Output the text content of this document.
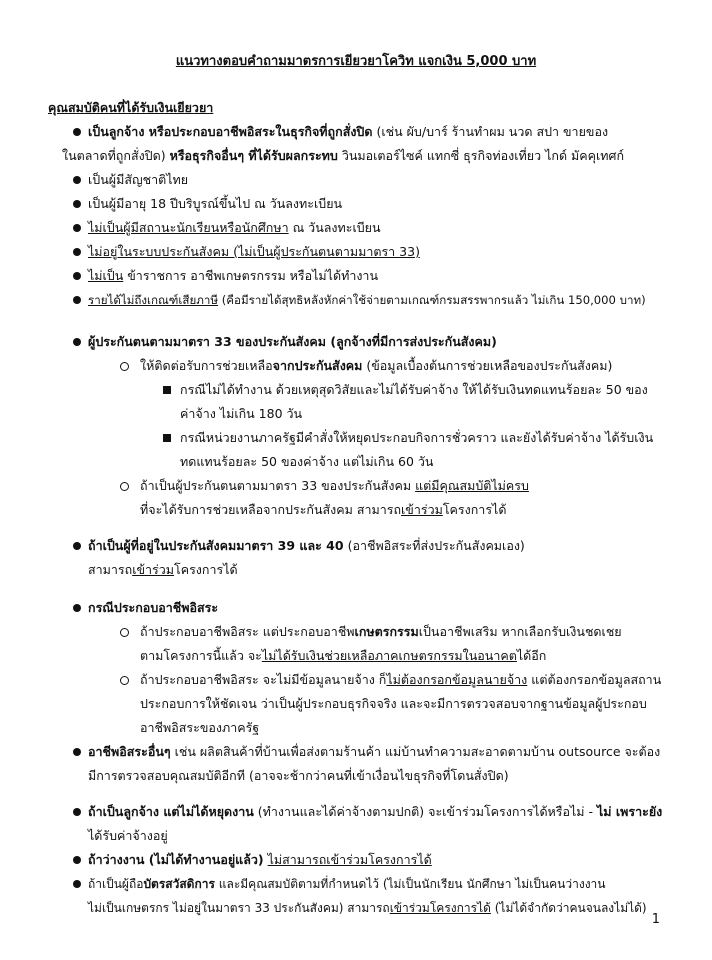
แนวทางตอบคำถามมาตรการเยียวยาโควิท แจกเงิน 5,000 บาท
คุณสมบัติคนที่ได้รับเงินเยียวยา
เป็นลูกจ้าง หรือประกอบอาชีพอิสระในธุรกิจที่ถูกสั่งปิด (เช่น ผับ/บาร์ ร้านทำผม นวด สปา ขายของ
ในตลาดที่ถูกสั่งปิด) หรือธุรกิจอื่นๆ ที่ได้รับผลกระทบ วินมอเตอร์ไซค์ แทกซี่ ธุรกิจท่องเที่ยว ไกด์ มัคคุเทศก์
เป็นผู้มีสัญชาติไทย
เป็นผู้มีอายุ 18 ปีบริบูรณ์ขึ้นไป ณ วันลงทะเบียน
ไม่เป็นผู้มีสถานะนักเรียนหรือนักศึกษา ณ วันลงทะเบียน
ไม่อยู่ในระบบประกันสังคม (ไม่เป็นผู้ประกันตนตามมาตรา 33)
ไม่เป็น ข้าราชการ อาชีพเกษตรกรรม หรือไม่ได้ทำงาน
รายได้ไม่ถึงเกณฑ์เสียภาษี (คือมีรายได้สุทธิหลังหักค่าใช้จ่ายตามเกณฑ์กรมสรรพากรแล้ว ไม่เกิน 150,000 บาท)
ผู้ประกันตนตามมาตรา 33 ของประกันสังคม (ลูกจ้างที่มีการส่งประกันสังคม)
ให้ติดต่อรับการช่วยเหลือจากประกันสังคม (ข้อมูลเบื้องต้นการช่วยเหลือของประกันสังคม)
กรณีไม่ได้ทำงาน ด้วยเหตุสุดวิสัยและไม่ได้รับค่าจ้าง ให้ได้รับเงินทดแทนร้อยละ 50 ของ
ค่าจ้าง ไม่เกิน 180 วัน
กรณีหน่วยงานภาครัฐมีคำสั่งให้หยุดประกอบกิจการชั่วคราว และยังได้รับค่าจ้าง ได้รับเงิน
ทดแทนร้อยละ 50 ของค่าจ้าง แต่ไม่เกิน 60 วัน
ถ้าเป็นผู้ประกันตนตามมาตรา 33 ของประกันสังคม แต่มีคุณสมบัติไม่ครบ
ที่จะได้รับการช่วยเหลือจากประกันสังคม สามารถเข้าร่วมโครงการได้
ถ้าเป็นผู้ที่อยู่ในประกันสังคมมาตรา 39 และ 40 (อาชีพอิสระที่ส่งประกันสังคมเอง)
สามารถเข้าร่วมโครงการได้
กรณีประกอบอาชีพอิสระ
ถ้าประกอบอาชีพอิสระ แต่ประกอบอาชีพเกษตรกรรมเป็นอาชีพเสริม หากเลือกรับเงินชดเชย
ตามโครงการนี้แล้ว จะไม่ได้รับเงินช่วยเหลือภาคเกษตรกรรมในอนาคตได้อีก
ถ้าประกอบอาชีพอิสระ จะไม่มีข้อมูลนายจ้าง ก็ไม่ต้องกรอกข้อมูลนายจ้าง แต่ต้องกรอกข้อมูลสถาน
ประกอบการให้ชัดเจน ว่าเป็นผู้ประกอบธุรกิจจริง และจะมีการตรวจสอบจากฐานข้อมูลผู้ประกอบ
อาชีพอิสระของภาครัฐ
อาชีพอิสระอื่นๆ เช่น ผลิตสินค้าที่บ้านเพื่อส่งตามร้านค้า แม่บ้านทำความสะอาดตามบ้าน outsource จะต้อง
มีการตรวจสอบคุณสมบัติอีกที (อาจจะช้ากว่าคนที่เข้าเงื่อนไขธุรกิจที่โดนสั่งปิด)
ถ้าเป็นลูกจ้าง แต่ไม่ได้หยุดงาน (ทำงานและได้ค่าจ้างตามปกติ) จะเข้าร่วมโครงการได้หรือไม่ - ไม่ เพราะยัง
ได้รับค่าจ้างอยู่
ถ้าว่างงาน (ไม่ได้ทำงานอยู่แล้ว) ไม่สามารถเข้าร่วมโครงการได้
ถ้าเป็นผู้ถือบัตรสวัสดิการ และมีคุณสมบัติตามที่กำหนดไว้ (ไม่เป็นนักเรียน นักศึกษา ไม่เป็นคนว่างงาน
ไม่เป็นเกษตรกร ไม่อยู่ในมาตรา 33 ประกันสังคม) สามารถเข้าร่วมโครงการได้ (ไม่ได้จำกัดว่าคนจนลงไม่ได้)
1
